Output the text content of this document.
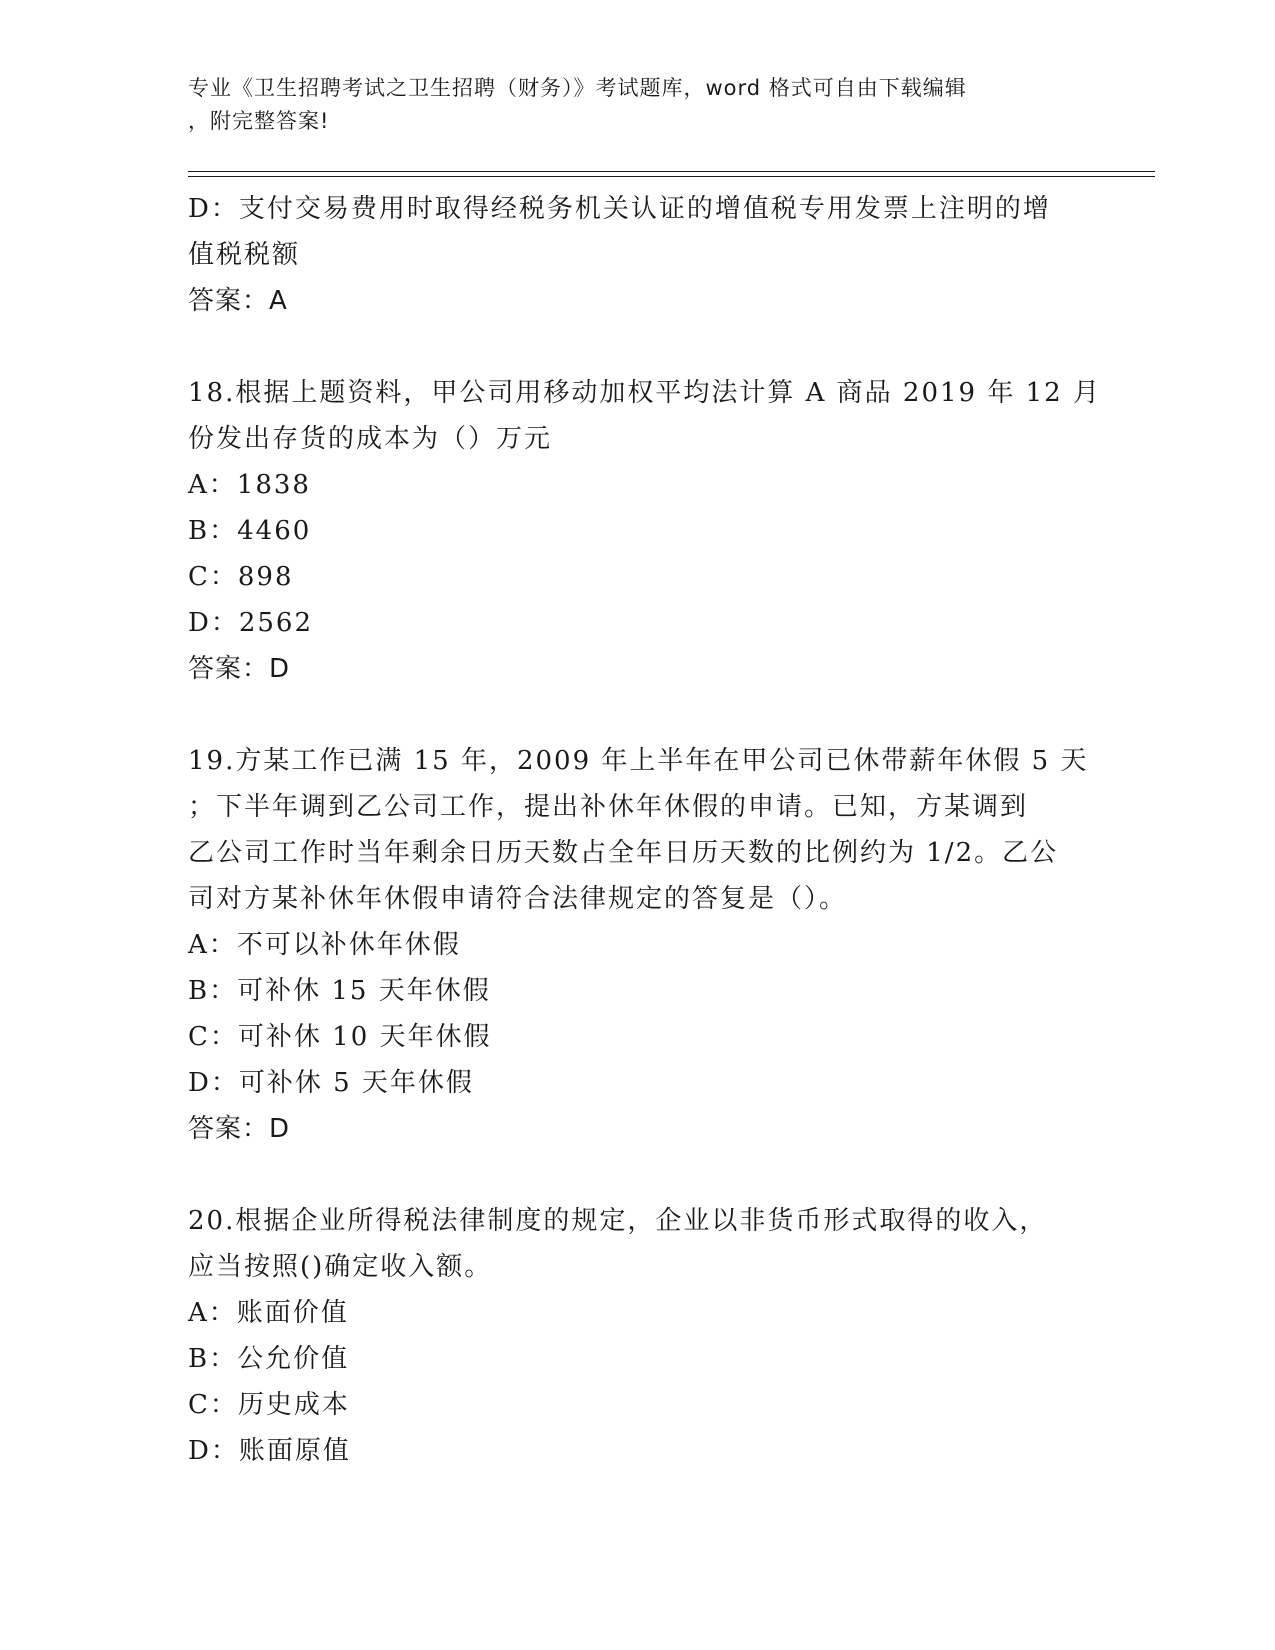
专业《卫生招聘考试之卫生招聘（财务）》考试题库，word 格式可自由下载编辑
，附完整答案!
D：支付交易费用时取得经税务机关认证的增值税专用发票上注明的增
值税税额
答案：A
18.根据上题资料，甲公司用移动加权平均法计算 A 商品 2019 年 12 月
份发出存货的成本为（）万元
A：1838
B：4460
C：898
D：2562
答案：D
19.方某工作已满 15 年，2009 年上半年在甲公司已休带薪年休假 5 天
；下半年调到乙公司工作，提出补休年休假的申请。已知，方某调到
乙公司工作时当年剩余日历天数占全年日历天数的比例约为 1/2。乙公
司对方某补休年休假申请符合法律规定的答复是（）。
A：不可以补休年休假
B：可补休 15 天年休假
C：可补休 10 天年休假
D：可补休 5 天年休假
答案：D
20.根据企业所得税法律制度的规定，企业以非货币形式取得的收入，
应当按照()确定收入额。
A：账面价值
B：公允价值
C：历史成本
D：账面原值
